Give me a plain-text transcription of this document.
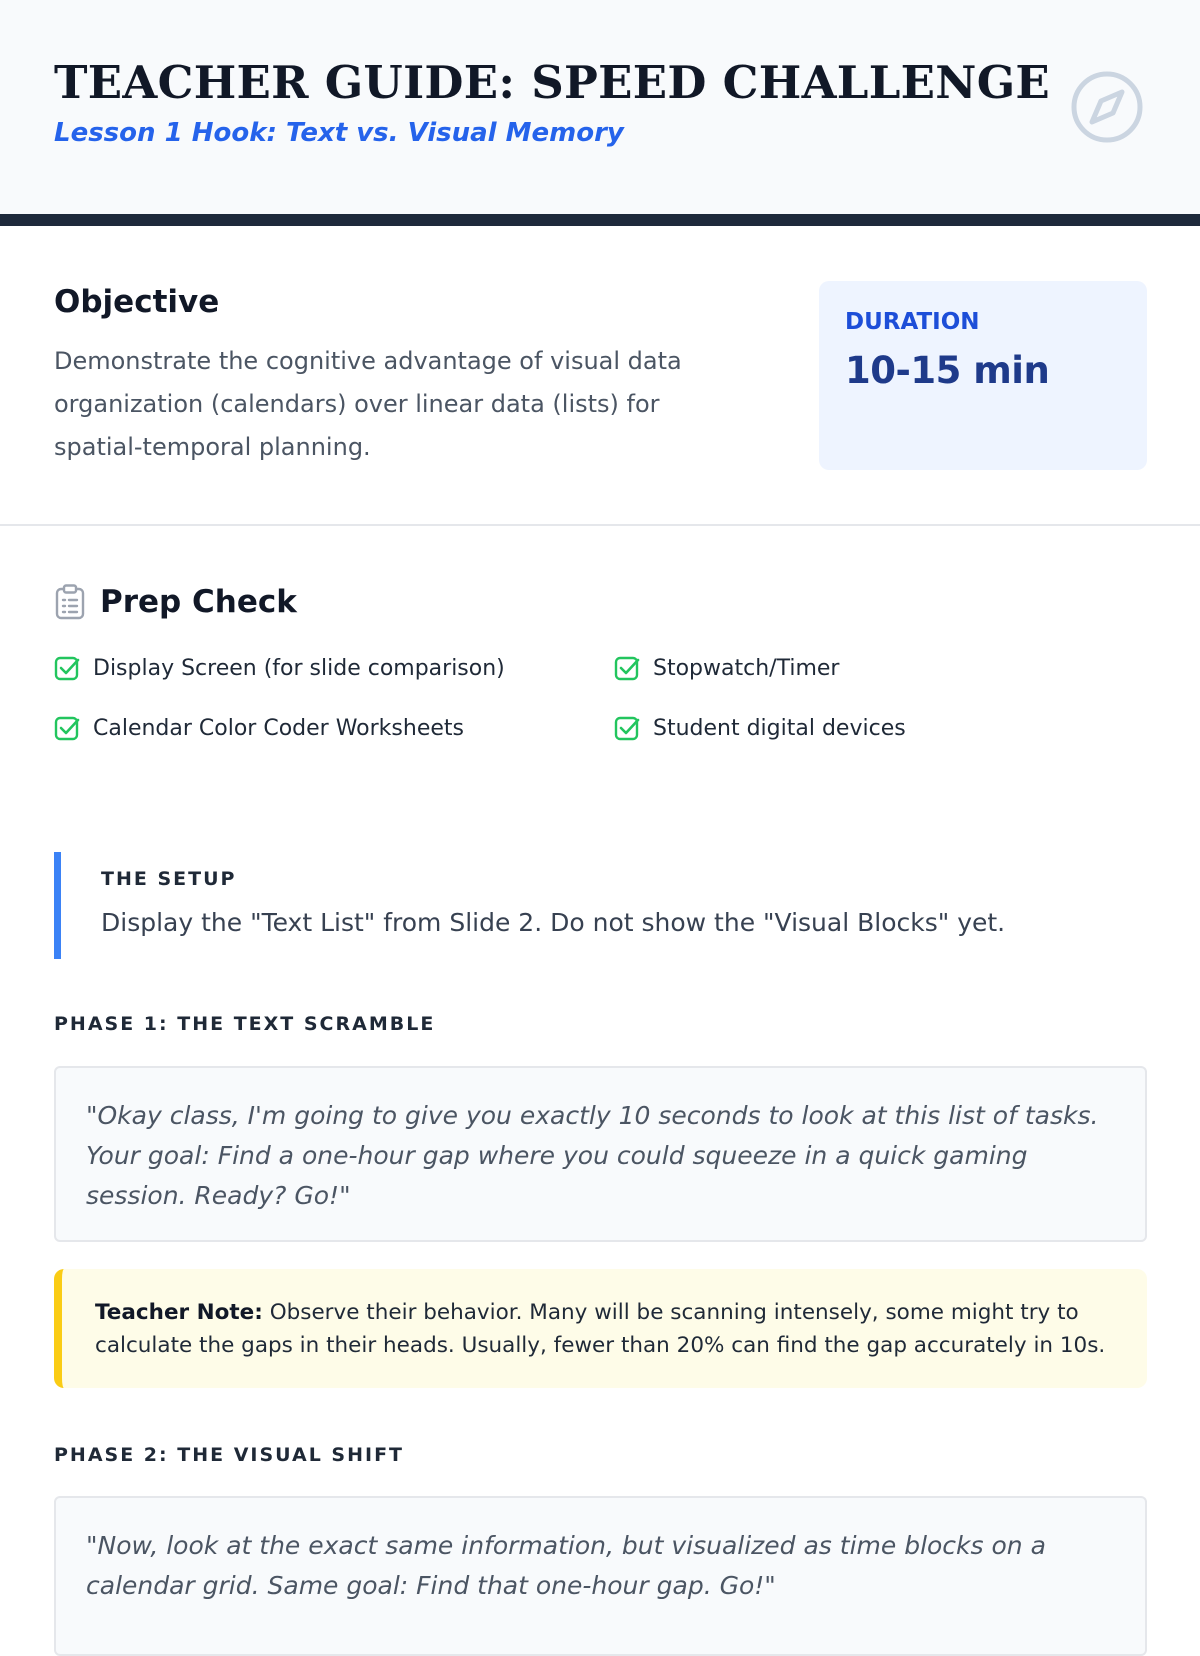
TEACHER GUIDE: SPEED CHALLENGE
Lesson 1 Hook: Text vs. Visual Memory
Objective
Demonstrate the cognitive advantage of visual data organization (calendars) over linear data (lists) for spatial-temporal planning.
DURATION
10-15 min
Prep Check
Display Screen (for slide comparison)	Stopwatch/Timer
Calendar Color Coder Worksheets	Student digital devices
THE SETUP
Display the "Text List" from Slide 2. Do not show the "Visual Blocks" yet.
PHASE 1: THE TEXT SCRAMBLE
"Okay class, I'm going to give you exactly 10 seconds to look at this list of tasks. Your goal: Find a one-hour gap where you could squeeze in a quick gaming session. Ready? Go!"
Teacher Note: Observe their behavior. Many will be scanning intensely, some might try to calculate the gaps in their heads. Usually, fewer than 20% can find the gap accurately in 10s.
PHASE 2: THE VISUAL SHIFT
"Now, look at the exact same information, but visualized as time blocks on a calendar grid. Same goal: Find that one-hour gap. Go!"
